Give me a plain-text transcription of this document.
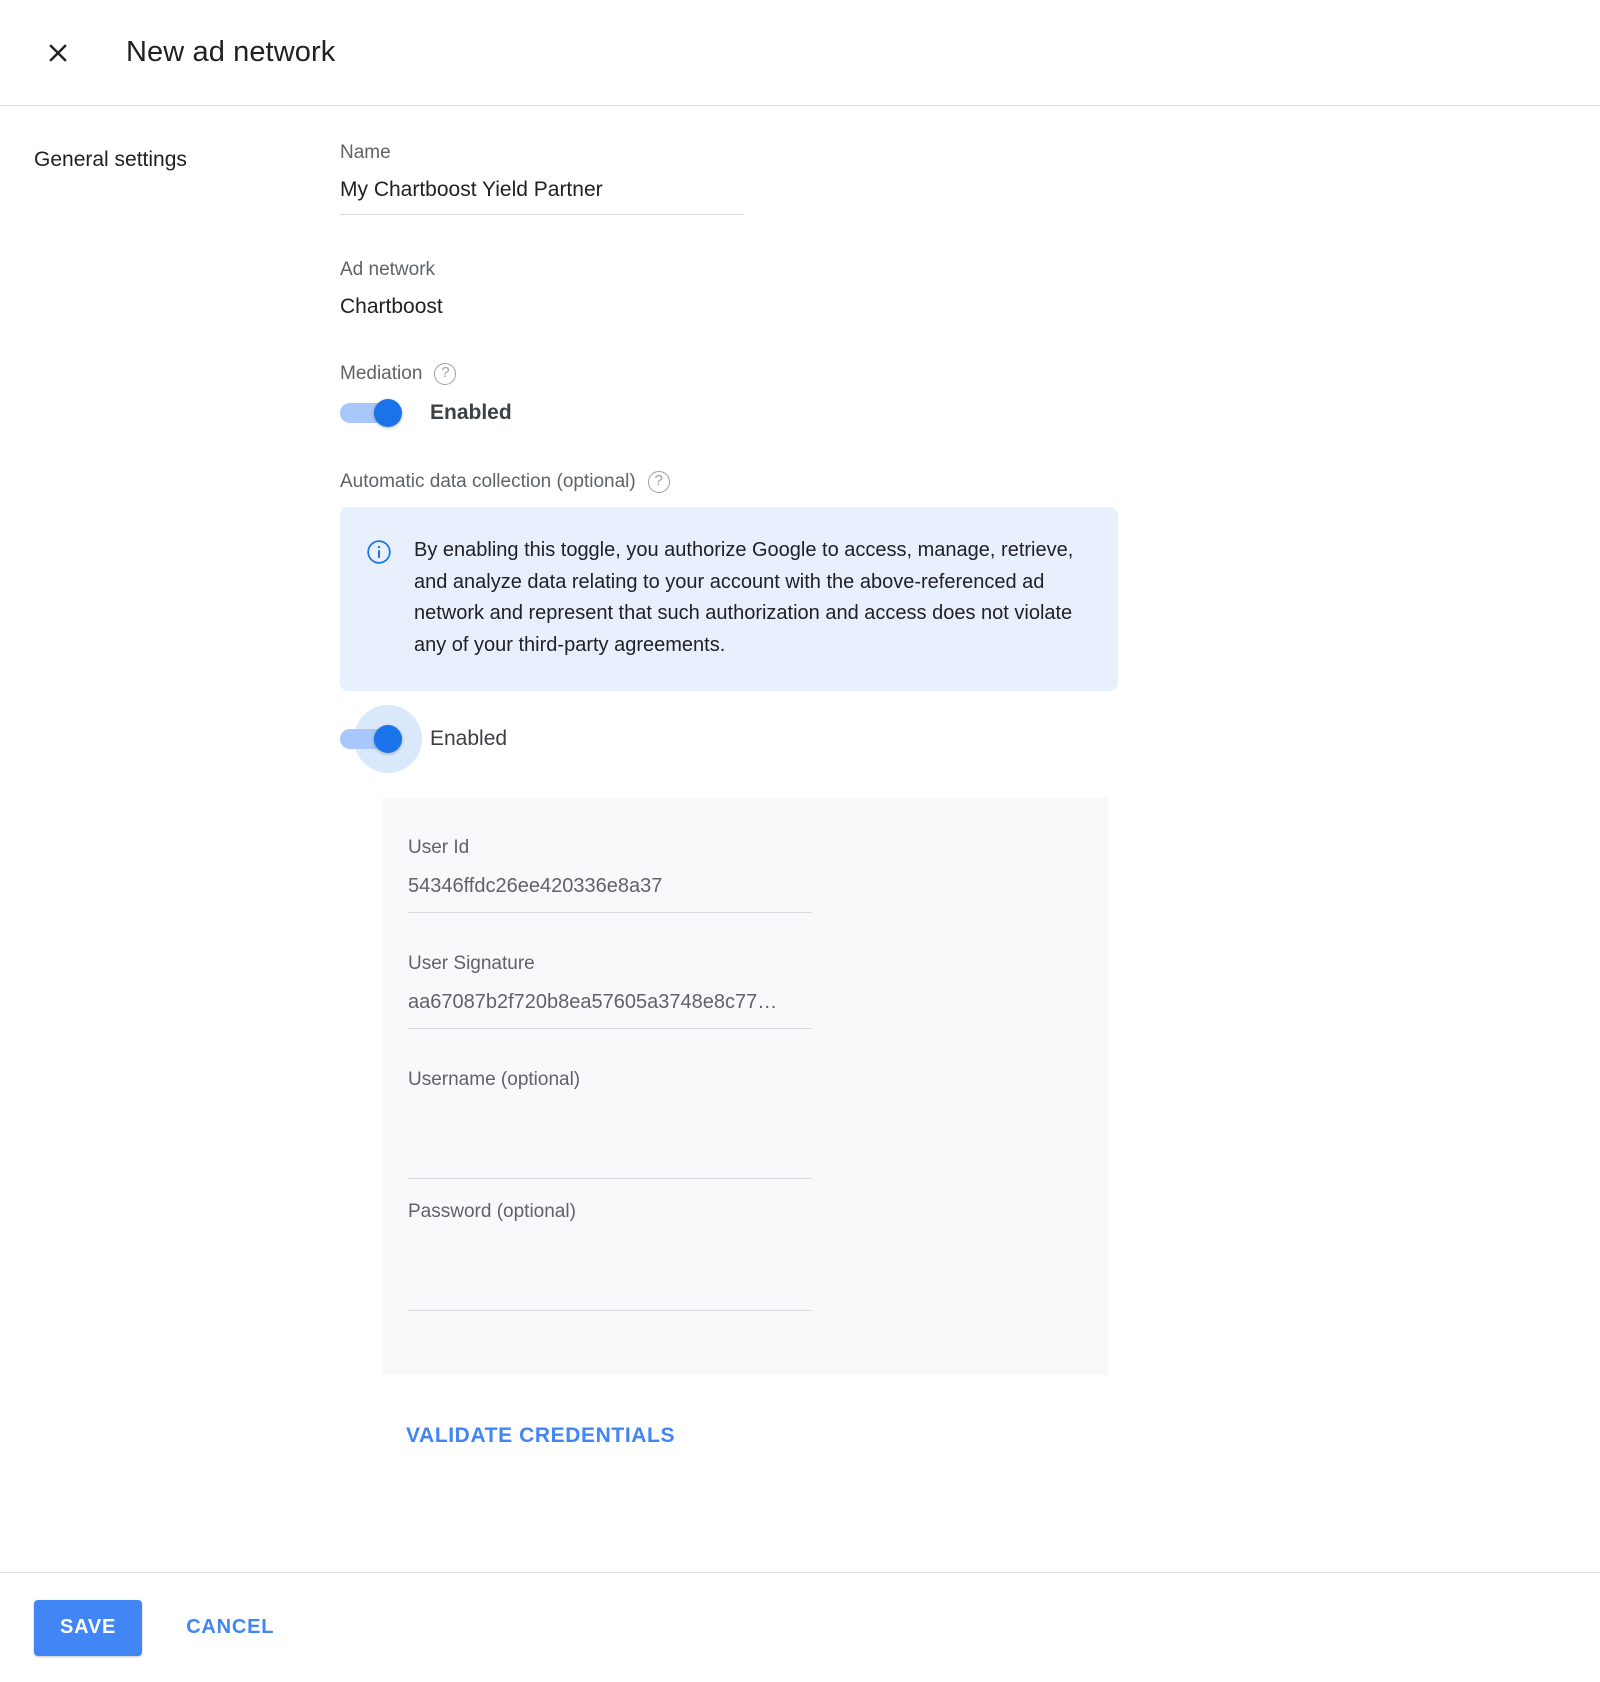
New ad network
General settings	Name
My Chartboost Yield Partner
Ad network
Chartboost
Mediation	?
Enabled
Automatic data collection (optional)	?
By enabling this toggle, you authorize Google to access, manage, retrieve, and analyze data relating to your account with the above-referenced ad network and represent that such authorization and access does not violate any of your third-party agreements.
Enabled
User Id
54346ffdc26ee420336e8a37
User Signature
aa67087b2f720b8ea57605a3748e8c77…
Username (optional)
Password (optional)
VALIDATE CREDENTIALS
SAVE	CANCEL
